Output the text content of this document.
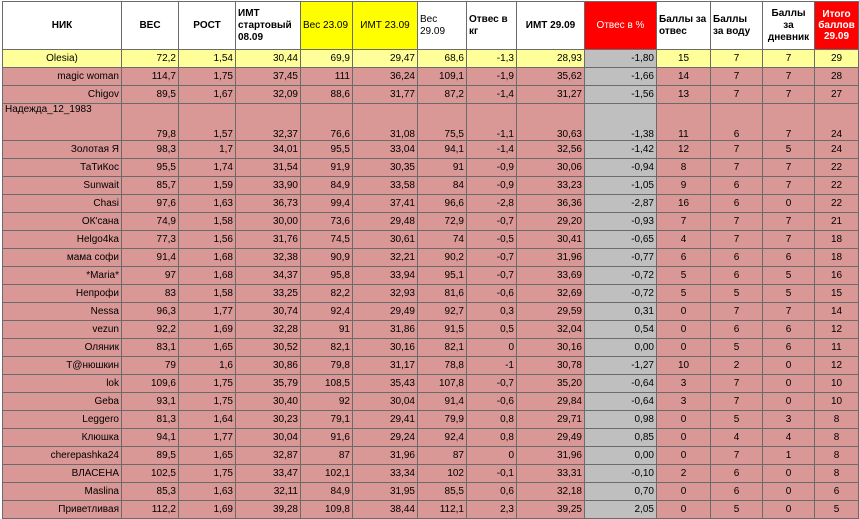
НИК	ВЕС	РОСТ	ИМТ стартовый 08.09	Вес 23.09	ИМТ 23.09	Вес 29.09	Отвес в кг	ИМТ 29.09	Отвес в %	Баллы за отвес	Баллы за воду	Баллы за дневник	Итого баллов 29.09
Olesia)	72,2	1,54	30,44	69,9	29,47	68,6	-1,3	28,93	-1,80	15	7	7	29
magic woman	114,7	1,75	37,45	111	36,24	109,1	-1,9	35,62	-1,66	14	7	7	28
Chigov	89,5	1,67	32,09	88,6	31,77	87,2	-1,4	31,27	-1,56	13	7	7	27
Надежда_12_1983	79,8	1,57	32,37	76,6	31,08	75,5	-1,1	30,63	-1,38	11	6	7	24
Золотая Я	98,3	1,7	34,01	95,5	33,04	94,1	-1,4	32,56	-1,42	12	7	5	24
ТаТиКос	95,5	1,74	31,54	91,9	30,35	91	-0,9	30,06	-0,94	8	7	7	22
Sunwait	85,7	1,59	33,90	84,9	33,58	84	-0,9	33,23	-1,05	9	6	7	22
Chasi	97,6	1,63	36,73	99,4	37,41	96,6	-2,8	36,36	-2,87	16	6	0	22
ОК'сана	74,9	1,58	30,00	73,6	29,48	72,9	-0,7	29,20	-0,93	7	7	7	21
Helgo4ka	77,3	1,56	31,76	74,5	30,61	74	-0,5	30,41	-0,65	4	7	7	18
мама софи	91,4	1,68	32,38	90,9	32,21	90,2	-0,7	31,96	-0,77	6	6	6	18
*Maria*	97	1,68	34,37	95,8	33,94	95,1	-0,7	33,69	-0,72	5	6	5	16
Непрофи	83	1,58	33,25	82,2	32,93	81,6	-0,6	32,69	-0,72	5	5	5	15
Nessa	96,3	1,77	30,74	92,4	29,49	92,7	0,3	29,59	0,31	0	7	7	14
vezun	92,2	1,69	32,28	91	31,86	91,5	0,5	32,04	0,54	0	6	6	12
Оляник	83,1	1,65	30,52	82,1	30,16	82,1	0	30,16	0,00	0	5	6	11
T@нюшкин	79	1,6	30,86	79,8	31,17	78,8	-1	30,78	-1,27	10	2	0	12
lok	109,6	1,75	35,79	108,5	35,43	107,8	-0,7	35,20	-0,64	3	7	0	10
Geba	93,1	1,75	30,40	92	30,04	91,4	-0,6	29,84	-0,64	3	7	0	10
Leggero	81,3	1,64	30,23	79,1	29,41	79,9	0,8	29,71	0,98	0	5	3	8
Клюшка	94,1	1,77	30,04	91,6	29,24	92,4	0,8	29,49	0,85	0	4	4	8
cherepashka24	89,5	1,65	32,87	87	31,96	87	0	31,96	0,00	0	7	1	8
ВЛАСЕНА	102,5	1,75	33,47	102,1	33,34	102	-0,1	33,31	-0,10	2	6	0	8
Maslina	85,3	1,63	32,11	84,9	31,95	85,5	0,6	32,18	0,70	0	6	0	6
Приветливая	112,2	1,69	39,28	109,8	38,44	112,1	2,3	39,25	2,05	0	5	0	5
